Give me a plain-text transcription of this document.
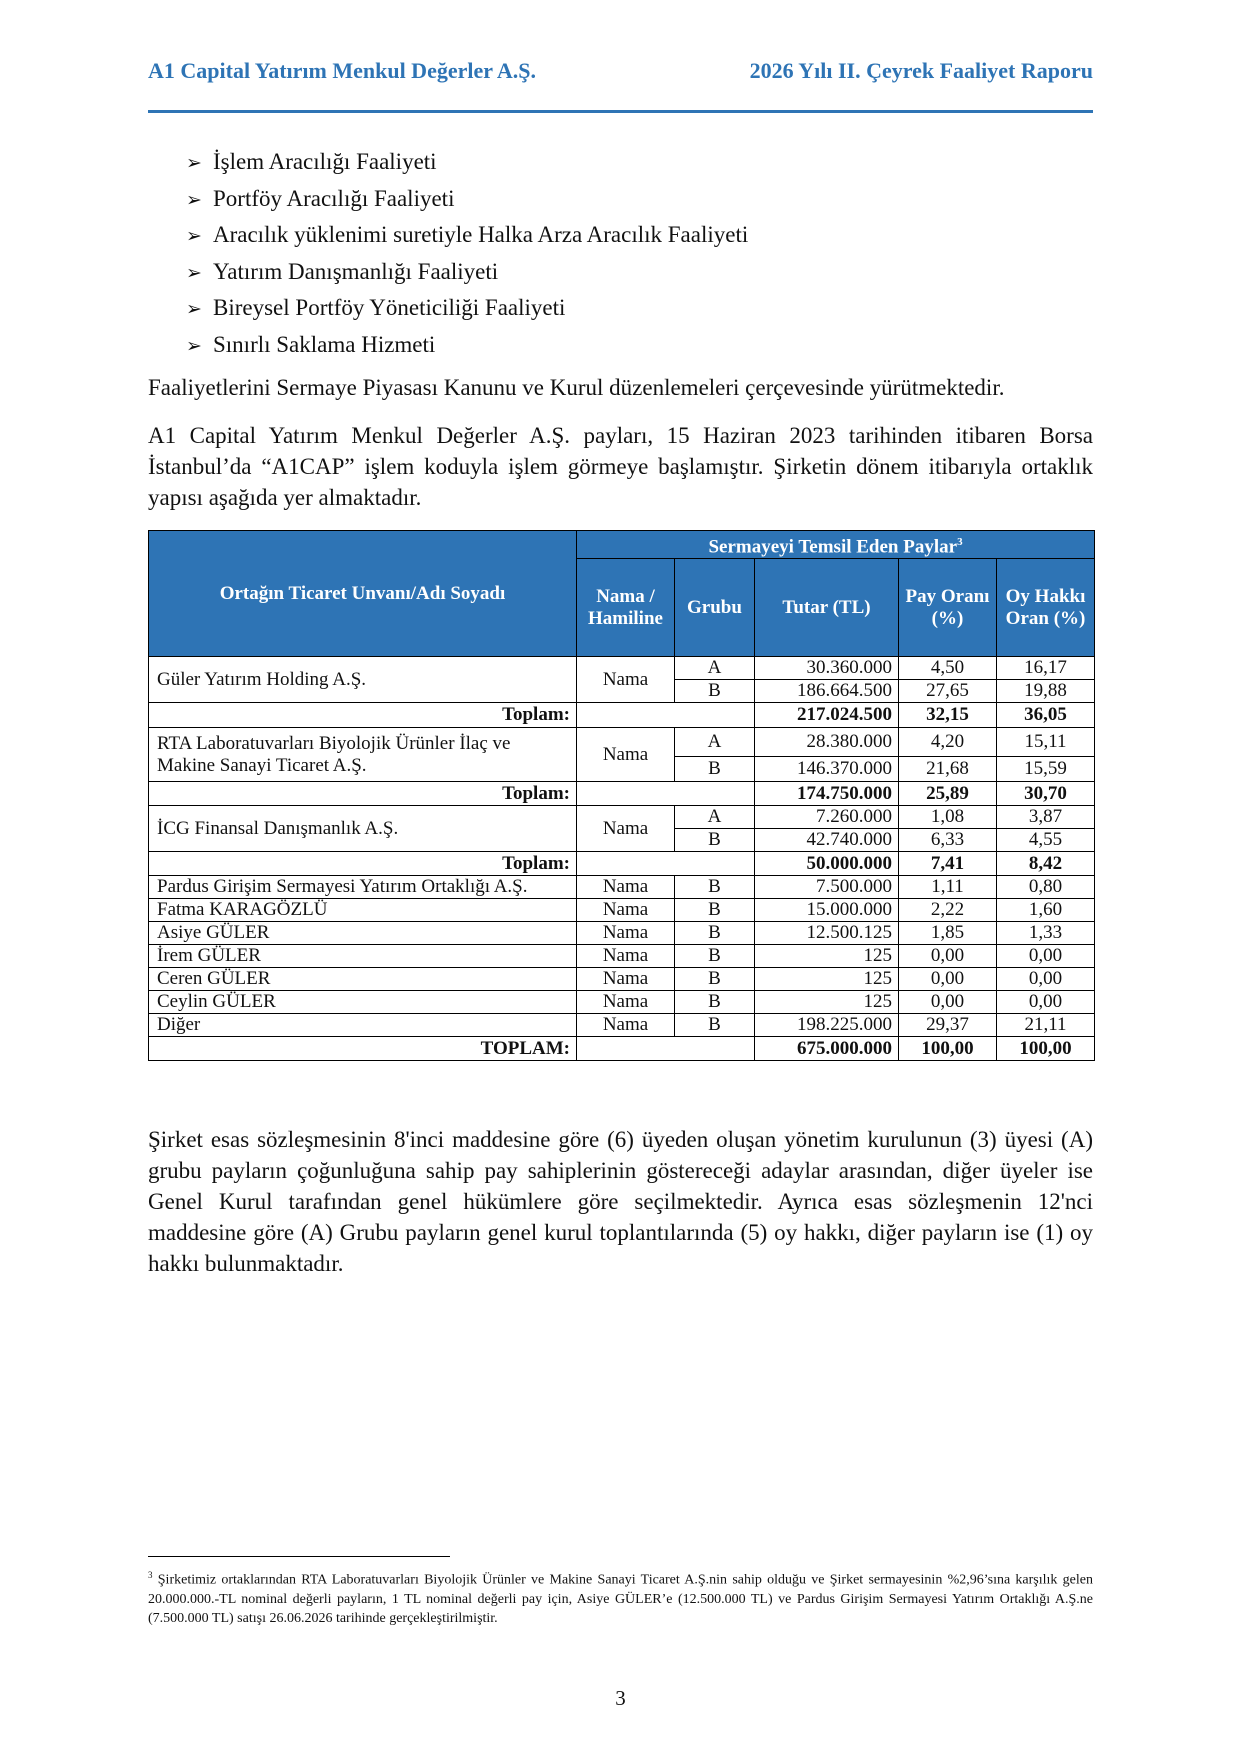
A1 Capital Yatırım Menkul Değerler A.Ş.	2026 Yılı II. Çeyrek Faaliyet Raporu
➢ İşlem Aracılığı Faaliyeti
➢ Portföy Aracılığı Faaliyeti
➢ Aracılık yüklenimi suretiyle Halka Arza Aracılık Faaliyeti
➢ Yatırım Danışmanlığı Faaliyeti
➢ Bireysel Portföy Yöneticiliği Faaliyeti
➢ Sınırlı Saklama Hizmeti

Faaliyetlerini Sermaye Piyasası Kanunu ve Kurul düzenlemeleri çerçevesinde yürütmektedir.

A1 Capital Yatırım Menkul Değerler A.Ş. payları, 15 Haziran 2023 tarihinden itibaren Borsa İstanbul’da “A1CAP” işlem koduyla işlem görmeye başlamıştır. Şirketin dönem itibarıyla ortaklık yapısı aşağıda yer almaktadır.

Ortağın Ticaret Unvanı/Adı Soyadı	Sermayeyi Temsil Eden Paylar$^3$
	Nama / Hamiline	Grubu	Tutar (TL)	Pay Oranı (%)	Oy Hakkı Oran (%)
Güler Yatırım Holding A.Ş.	Nama	A	30.360.000	4,50	16,17
		B	186.664.500	27,65	19,88
Toplam:			217.024.500	32,15	36,05
RTA Laboratuvarları Biyolojik Ürünler İlaç ve Makine Sanayi Ticaret A.Ş.	Nama	A	28.380.000	4,20	15,11
		B	146.370.000	21,68	15,59
Toplam:			174.750.000	25,89	30,70
İCG Finansal Danışmanlık A.Ş.	Nama	A	7.260.000	1,08	3,87
		B	42.740.000	6,33	4,55
Toplam:			50.000.000	7,41	8,42
Pardus Girişim Sermayesi Yatırım Ortaklığı A.Ş.	Nama	B	7.500.000	1,11	0,80
Fatma KARAGÖZLÜ	Nama	B	15.000.000	2,22	1,60
Asiye GÜLER	Nama	B	12.500.125	1,85	1,33
İrem GÜLER	Nama	B	125	0,00	0,00
Ceren GÜLER	Nama	B	125	0,00	0,00
Ceylin GÜLER	Nama	B	125	0,00	0,00
Diğer	Nama	B	198.225.000	29,37	21,11
TOPLAM:			675.000.000	100,00	100,00

Şirket esas sözleşmesinin 8'inci maddesine göre (6) üyeden oluşan yönetim kurulunun (3) üyesi (A) grubu payların çoğunluğuna sahip pay sahiplerinin göstereceği adaylar arasından, diğer üyeler ise Genel Kurul tarafından genel hükümlere göre seçilmektedir. Ayrıca esas sözleşmenin 12'nci maddesine göre (A) Grubu payların genel kurul toplantılarında (5) oy hakkı, diğer payların ise (1) oy hakkı bulunmaktadır.

$^3$ Şirketimiz ortaklarından RTA Laboratuvarları Biyolojik Ürünler ve Makine Sanayi Ticaret A.Ş.nin sahip olduğu ve Şirket sermayesinin %2,96’sına karşılık gelen 20.000.000.-TL nominal değerli payların, 1 TL nominal değerli pay için, Asiye GÜLER’e (12.500.000 TL) ve Pardus Girişim Sermayesi Yatırım Ortaklığı A.Ş.ne (7.500.000 TL) satışı 26.06.2026 tarihinde gerçekleştirilmiştir.

3
